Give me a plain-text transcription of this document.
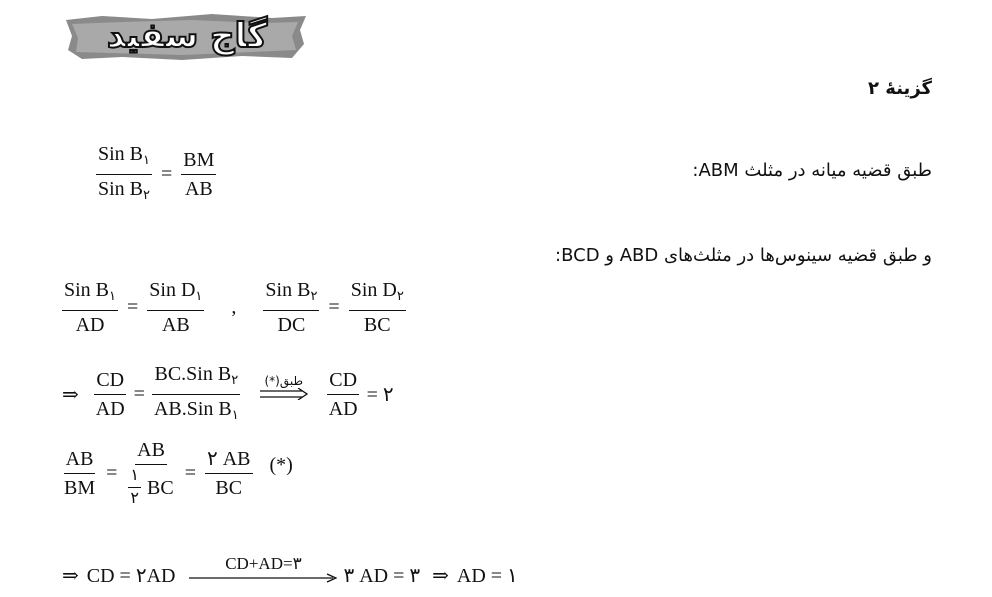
گاج سفید
گزینهٔ ۲
طبق قضیه میانه در مثلث ABM:
$\frac{Sin B_۱}{Sin B_۲} = \frac{BM}{AB}$
و طبق قضیه سینوس‌ها در مثلث‌های ABD و BCD:
$\frac{Sin B_۱}{AD} = \frac{Sin D_۱}{AB}$ , $\frac{Sin B_۲}{DC} = \frac{Sin D_۲}{BC}$
⇒ $\frac{CD}{AD} = \frac{BC.Sin B_۲}{AB.Sin B_۱}$
طبق(*)
$\frac{CD}{AD}$ = ۲
$\frac{AB}{BM} = \frac{AB}{\frac{۱}{۲} BC} = \frac{۲ AB}{BC}$ (*)
⇒ CD = ۲AD
CD+AD=۳
۳ AD = ۳ ⇒ AD = ۱
